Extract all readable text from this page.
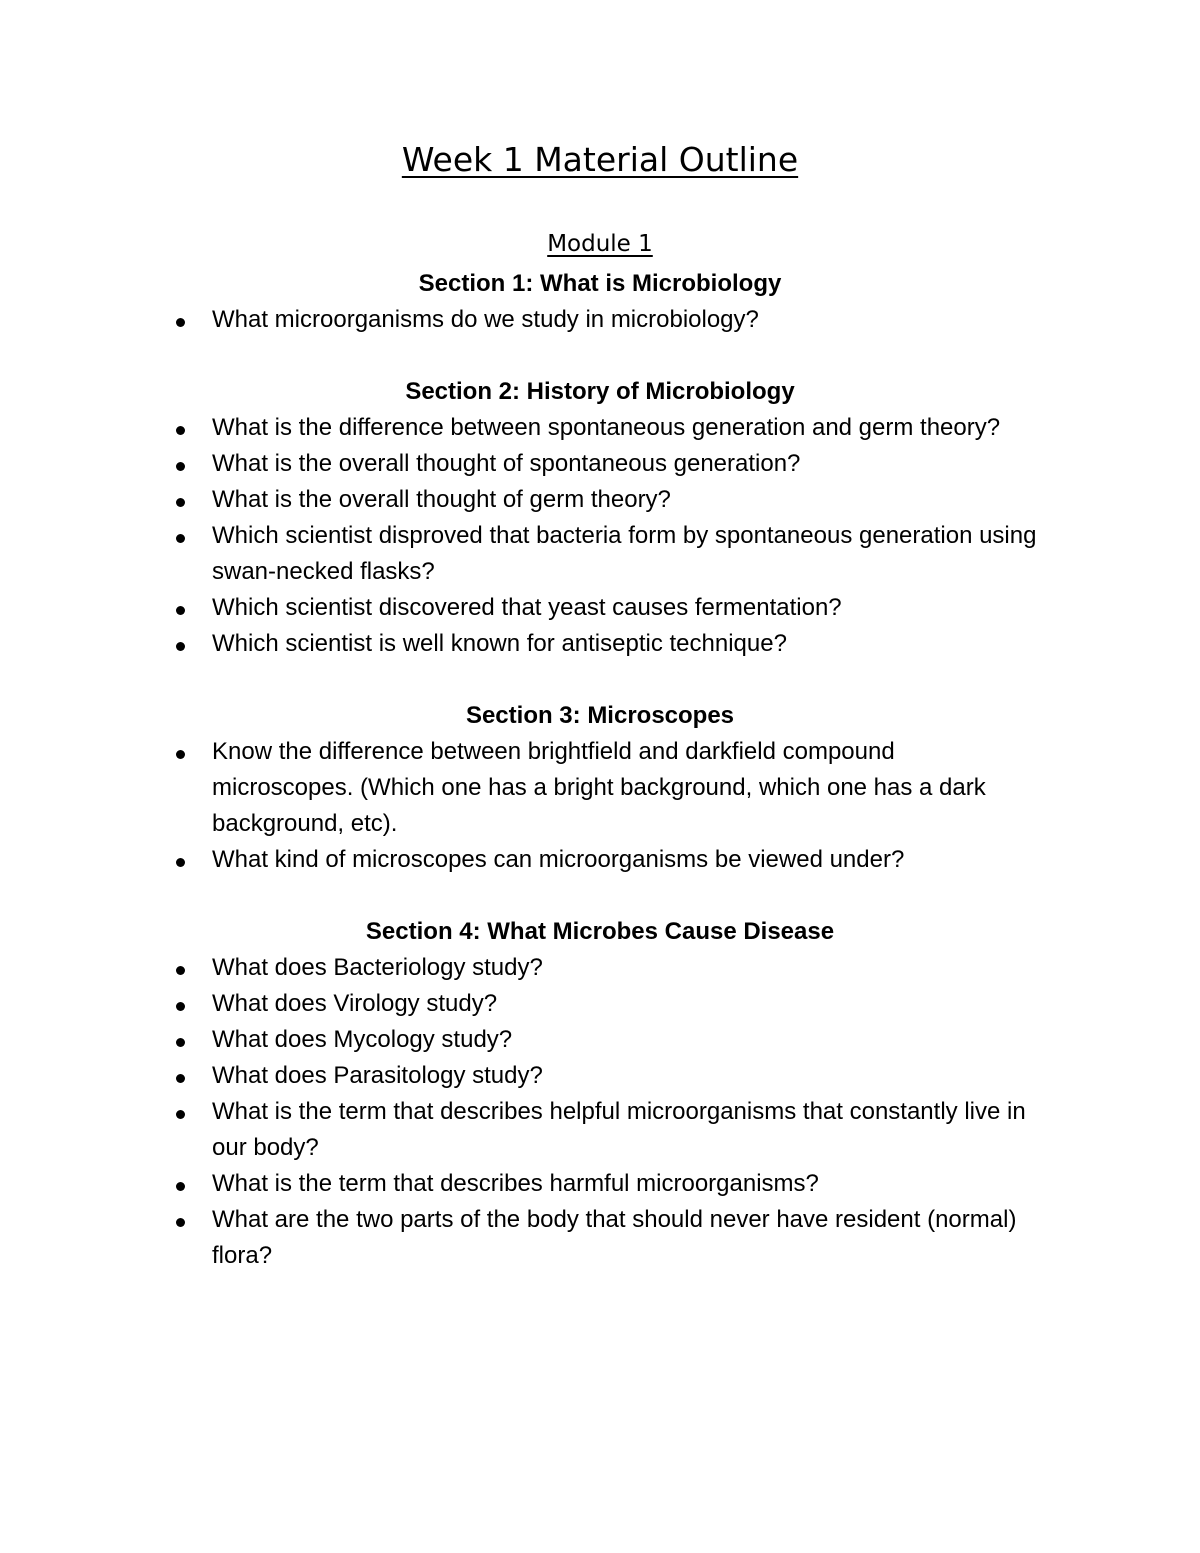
Week 1 Material Outline
Module 1
Section 1: What is Microbiology
What microorganisms do we study in microbiology?
Section 2: History of Microbiology
What is the difference between spontaneous generation and germ theory?
What is the overall thought of spontaneous generation?
What is the overall thought of germ theory?
Which scientist disproved that bacteria form by spontaneous generation using swan-necked flasks?
Which scientist discovered that yeast causes fermentation?
Which scientist is well known for antiseptic technique?
Section 3: Microscopes
Know the difference between brightfield and darkfield compound microscopes. (Which one has a bright background, which one has a dark background, etc).
What kind of microscopes can microorganisms be viewed under?
Section 4: What Microbes Cause Disease
What does Bacteriology study?
What does Virology study?
What does Mycology study?
What does Parasitology study?
What is the term that describes helpful microorganisms that constantly live in our body?
What is the term that describes harmful microorganisms?
What are the two parts of the body that should never have resident (normal) flora?
